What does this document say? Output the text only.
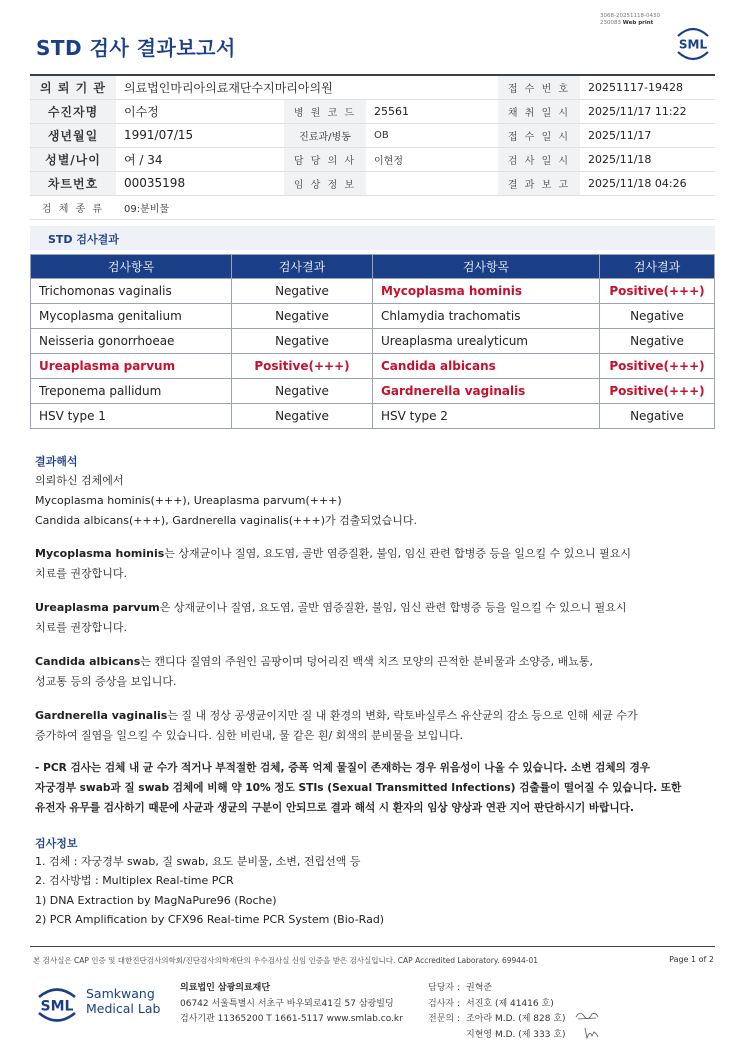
3068-20251118-0430
230083 Web print
STD 검사 결과보고서	SML
의 뢰 기 관	의료법인마리아의료재단수지마리아의원			접 수 번 호	20251117-19428
수진자명	이수정	병 원 코 드	25561	채 취 일 시	2025/11/17 11:22
생년월일	1991/07/15	진료과/병동	OB	접 수 일 시	2025/11/17
성별/나이	여 / 34	담 당 의 사	이현정	검 사 일 시	2025/11/18
차트번호	00035198	임 상 정 보		결 과 보 고	2025/11/18 04:26
검 체 종 류	09:분비물				
STD 검사결과
검사항목	검사결과	검사항목	검사결과
Trichomonas vaginalis	Negative	Mycoplasma hominis	Positive(+++)
Mycoplasma genitalium	Negative	Chlamydia trachomatis	Negative
Neisseria gonorrhoeae	Negative	Ureaplasma urealyticum	Negative
Ureaplasma parvum	Positive(+++)	Candida albicans	Positive(+++)
Treponema pallidum	Negative	Gardnerella vaginalis	Positive(+++)
HSV type 1	Negative	HSV type 2	Negative
결과해석
의뢰하신 검체에서
Mycoplasma hominis(+++), Ureaplasma parvum(+++)
Candida albicans(+++), Gardnerella vaginalis(+++)가 검출되었습니다.
Mycoplasma hominis는 상재균이나 질염, 요도염, 골반 염증질환, 불임, 임신 관련 합병증 등을 일으킬 수 있으니 필요시
치료를 권장합니다.
Ureaplasma parvum은 상재균이나 질염, 요도염, 골반 염증질환, 불임, 임신 관련 합병증 등을 일으킬 수 있으니 필요시
치료를 권장합니다.
Candida albicans는 캔디다 질염의 주원인 곰팡이며 덩어리진 백색 치즈 모양의 끈적한 분비물과 소양증, 배뇨통,
성교통 등의 증상을 보입니다.
Gardnerella vaginalis는 질 내 정상 공생균이지만 질 내 환경의 변화, 락토바실루스 유산균의 감소 등으로 인해 세균 수가
증가하여 질염을 일으킬 수 있습니다. 심한 비린내, 물 같은 흰/ 회색의 분비물을 보입니다.
- PCR 검사는 검체 내 균 수가 적거나 부적절한 검체, 증폭 억제 물질이 존재하는 경우 위음성이 나올 수 있습니다. 소변 검체의 경우
자궁경부 swab과 질 swab 검체에 비해 약 10% 정도 STIs (Sexual Transmitted Infections) 검출률이 떨어질 수 있습니다. 또한
유전자 유무를 검사하기 때문에 사균과 생균의 구분이 안되므로 결과 해석 시 환자의 임상 양상과 연관 지어 판단하시기 바랍니다.
검사정보
1. 검체 : 자궁경부 swab, 질 swab, 요도 분비물, 소변, 전립선액 등
2. 검사방법 : Multiplex Real-time PCR
1) DNA Extraction by MagNaPure96 (Roche)
2) PCR Amplification by CFX96 Real-time PCR System (Bio-Rad)
본 검사실은 CAP 인증 및 대한진단검사의학회/진단검사의학재단의 우수검사실 신임 인증을 받은 검사실입니다. CAP Accredited Laboratory. 69944-01	Page 1 of 2
SML
Samkwang
Medical Lab
의료법인 삼광의료재단
06742 서울특별시 서초구 바우뫼로41길 57 삼광빌딩
검사기관 11365200 T 1661-5117 www.smlab.co.kr
담당자 : 권혁준
검사자 : 서진호 (제 41416 호)
전문의 : 조아라 M.D. (제 828 호)
지현영 M.D. (제 333 호)
